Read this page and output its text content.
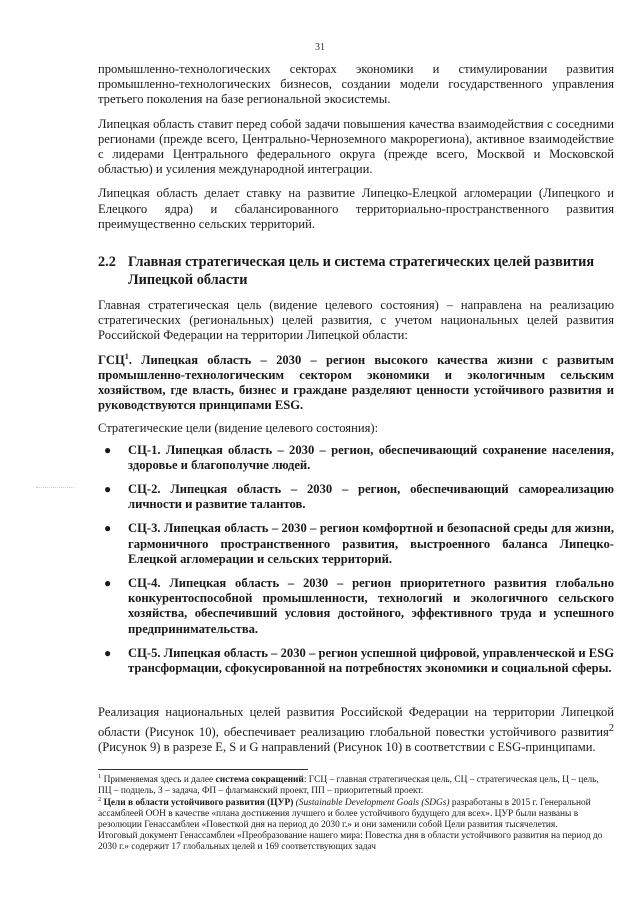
31

промышленно-технологических секторах экономики и стимулировании развития промышленно-технологических бизнесов, создании модели государственного управления третьего поколения на базе региональной экосистемы.

Липецкая область ставит перед собой задачи повышения качества взаимодействия с соседними регионами (прежде всего, Центрально-Черноземного макрорегиона), активное взаимодействие с лидерами Центрального федерального округа (прежде всего, Москвой и Московской областью) и усиления международной интеграции.

Липецкая область делает ставку на развитие Липецко-Елецкой агломерации (Липецкого и Елецкого ядра) и сбалансированного территориально-пространственного развития преимущественно сельских территорий.

2.2 Главная стратегическая цель и система стратегических целей развития Липецкой области

Главная стратегическая цель (видение целевого состояния) – направлена на реализацию стратегических (региональных) целей развития, с учетом национальных целей развития Российской Федерации на территории Липецкой области:

ГСЦ$^1$. Липецкая область – 2030 – регион высокого качества жизни с развитым промышленно-технологическим сектором экономики и экологичным сельским хозяйством, где власть, бизнес и граждане разделяют ценности устойчивого развития и руководствуются принципами ESG.

Стратегические цели (видение целевого состояния):

●	СЦ-1. Липецкая область – 2030 – регион, обеспечивающий сохранение населения, здоровье и благополучие людей.

●	СЦ-2. Липецкая область – 2030 – регион, обеспечивающий самореализацию личности и развитие талантов.

●	СЦ-3. Липецкая область – 2030 – регион комфортной и безопасной среды для жизни, гармоничного пространственного развития, выстроенного баланса Липецко-Елецкой агломерации и сельских территорий.

●	СЦ-4. Липецкая область – 2030 – регион приоритетного развития глобально конкурентоспособной промышленности, технологий и экологичного сельского хозяйства, обеспечивший условия достойного, эффективного труда и успешного предпринимательства.

●	СЦ-5. Липецкая область – 2030 – регион успешной цифровой, управленческой и ESG трансформации, сфокусированной на потребностях экономики и социальной сферы.

Реализация национальных целей развития Российской Федерации на территории Липецкой области (Рисунок 10), обеспечивает реализацию глобальной повестки устойчивого развития$^2$ (Рисунок 9) в разрезе E, S и G направлений (Рисунок 10) в соответствии с ESG-принципами.

$^1$ Применяемая здесь и далее система сокращений: ГСЦ – главная стратегическая цель, СЦ – стратегическая цель, Ц – цель, ПЦ – подцель, З – задача, ФП – флагманский проект, ПП – приоритетный проект.

$^2$ Цели в области устойчивого развития (ЦУР) (Sustainable Development Goals (SDGs) разработаны в 2015 г. Генеральной ассамблеей ООН в качестве «плана достижения лучшего и более устойчивого будущего для всех». ЦУР были названы в резолюции Генассамблеи «Повесткой дня на период до 2030 г.» и они заменили собой Цели развития тысячелетия.

Итоговый документ Генассамблеи «Преобразование нашего мира: Повестка дня в области устойчивого развития на период до 2030 г.» содержит 17 глобальных целей и 169 соответствующих задач
